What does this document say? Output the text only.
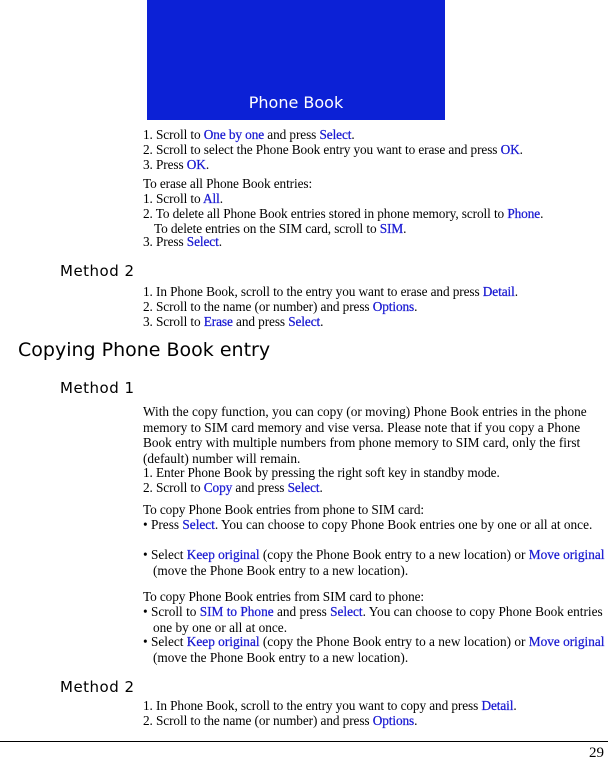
Phone Book
1. Scroll to One by one and press Select.
2. Scroll to select the Phone Book entry you want to erase and press OK.
3. Press OK.
To erase all Phone Book entries:
1. Scroll to All.
2. To delete all Phone Book entries stored in phone memory, scroll to Phone.
To delete entries on the SIM card, scroll to SIM.
3. Press Select.
Method 2
1. In Phone Book, scroll to the entry you want to erase and press Detail.
2. Scroll to the name (or number) and press Options.
3. Scroll to Erase and press Select.
Copying Phone Book entry
Method 1
With the copy function, you can copy (or moving) Phone Book entries in the phone memory to SIM card memory and vise versa. Please note that if you copy a Phone Book entry with multiple numbers from phone memory to SIM card, only the first (default) number will remain.
1. Enter Phone Book by pressing the right soft key in standby mode.
2. Scroll to Copy and press Select.
To copy Phone Book entries from phone to SIM card:
• Press Select. You can choose to copy Phone Book entries one by one or all at once.
• Select Keep original (copy the Phone Book entry to a new location) or Move original (move the Phone Book entry to a new location).
To copy Phone Book entries from SIM card to phone:
• Scroll to SIM to Phone and press Select. You can choose to copy Phone Book entries one by one or all at once.
• Select Keep original (copy the Phone Book entry to a new location) or Move original (move the Phone Book entry to a new location).
Method 2
1. In Phone Book, scroll to the entry you want to copy and press Detail.
2. Scroll to the name (or number) and press Options.
29
